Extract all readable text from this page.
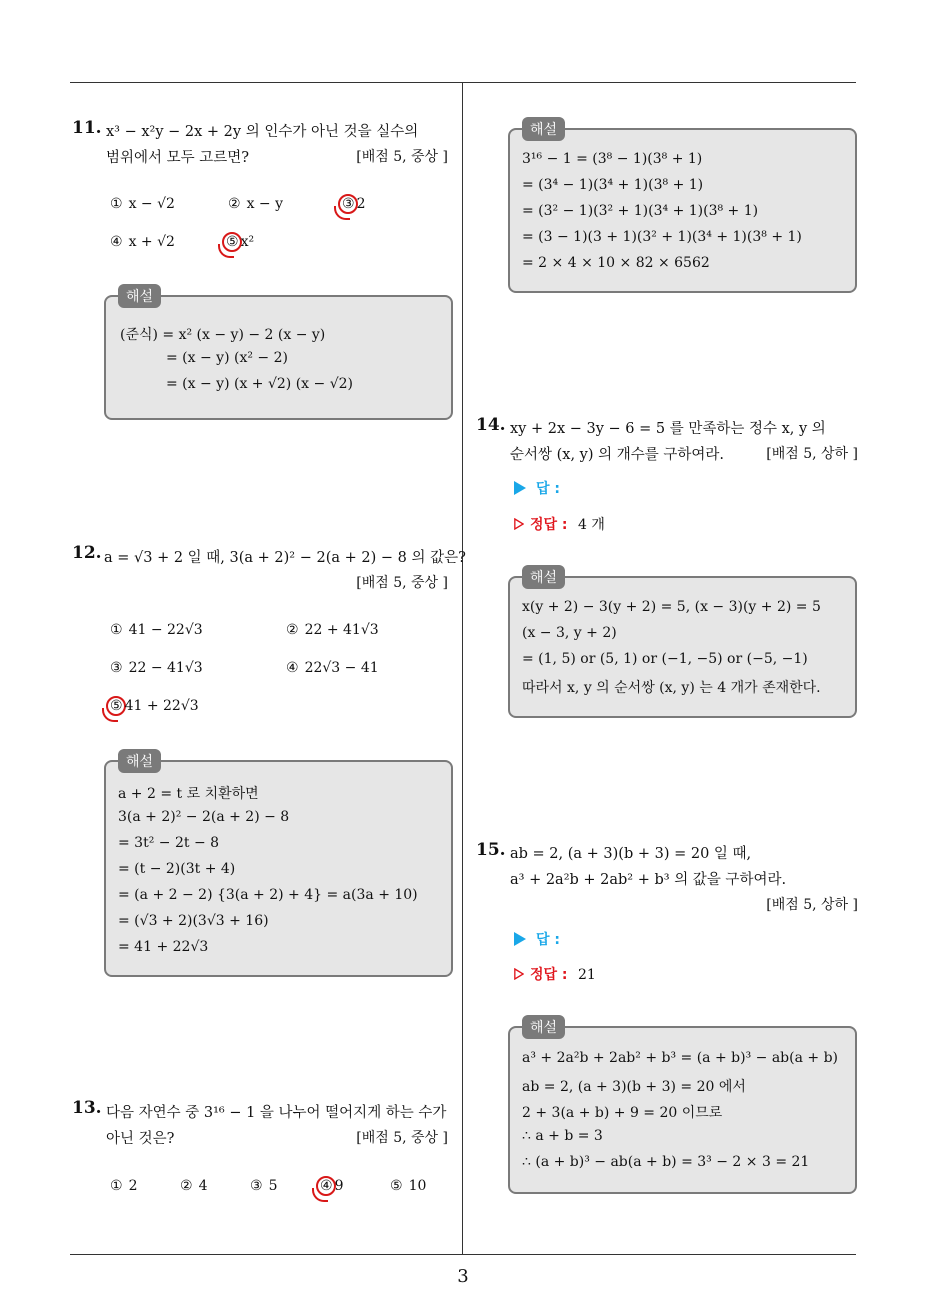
3
11. x³ − x²y − 2x + 2y 의 인수가 아닌 것을 실수의
범위에서 모두 고르면?	[배점 5, 중상 ]
① x − √2	② x − y	③ 2
④ x + √2	⑤ x²
해설
(준식) = x² (x − y) − 2 (x − y)
= (x − y) (x² − 2)
= (x − y) (x + √2) (x − √2)
12. a = √3 + 2 일 때, 3(a + 2)² − 2(a + 2) − 8 의 값은?
[배점 5, 중상 ]
① 41 − 22√3	② 22 + 41√3
③ 22 − 41√3	④ 22√3 − 41
⑤ 41 + 22√3
해설
a + 2 = t 로 치환하면
3(a + 2)² − 2(a + 2) − 8
= 3t² − 2t − 8
= (t − 2)(3t + 4)
= (a + 2 − 2) {3(a + 2) + 4} = a(3a + 10)
= (√3 + 2)(3√3 + 16)
= 41 + 22√3
13. 다음 자연수 중 3¹⁶ − 1 을 나누어 떨어지게 하는 수가
아닌 것은?	[배점 5, 중상 ]
① 2	② 4	③ 5	④ 9	⑤ 10
해설
3¹⁶ − 1 = (3⁸ − 1)(3⁸ + 1)
= (3⁴ − 1)(3⁴ + 1)(3⁸ + 1)
= (3² − 1)(3² + 1)(3⁴ + 1)(3⁸ + 1)
= (3 − 1)(3 + 1)(3² + 1)(3⁴ + 1)(3⁸ + 1)
= 2 × 4 × 10 × 82 × 6562
14. xy + 2x − 3y − 6 = 5 를 만족하는 정수 x, y 의
순서쌍 (x, y) 의 개수를 구하여라.	[배점 5, 상하 ]
답 :
정답 : 4 개
해설
x(y + 2) − 3(y + 2) = 5, (x − 3)(y + 2) = 5
(x − 3, y + 2)
= (1, 5) or (5, 1) or (−1, −5) or (−5, −1)
따라서 x, y 의 순서쌍 (x, y) 는 4 개가 존재한다.
15. ab = 2, (a + 3)(b + 3) = 20 일 때,
a³ + 2a²b + 2ab² + b³ 의 값을 구하여라.
[배점 5, 상하 ]
답 :
정답 : 21
해설
a³ + 2a²b + 2ab² + b³ = (a + b)³ − ab(a + b)
ab = 2, (a + 3)(b + 3) = 20 에서
2 + 3(a + b) + 9 = 20 이므로
∴ a + b = 3
∴ (a + b)³ − ab(a + b) = 3³ − 2 × 3 = 21
